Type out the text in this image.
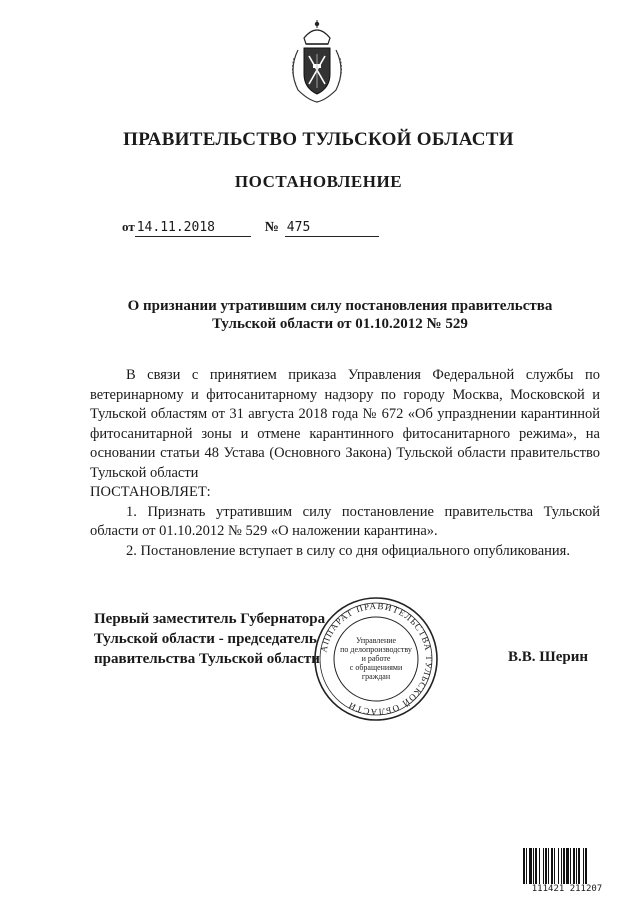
ПРАВИТЕЛЬСТВО ТУЛЬСКОЙ ОБЛАСТИ
ПОСТАНОВЛЕНИЕ
от 14.11.2018	№ 475
О признании утратившим силу постановления правительства
Тульской области от 01.10.2012 № 529

В связи с принятием приказа Управления Федеральной службы по ветеринарному и фитосанитарному надзору по городу Москва, Московской и Тульской областям от 31 августа 2018 года № 672 «Об упразднении карантинной фитосанитарной зоны и отмене карантинного фитосанитарного режима», на основании статьи 48 Устава (Основного Закона) Тульской области правительство Тульской области

ПОСТАНОВЛЯЕТ:

1. Признать утратившим силу постановление правительства Тульской области от 01.10.2012 № 529 «О наложении карантина».

2. Постановление вступает в силу со дня официального опубликования.

Первый заместитель Губернатора
Тульской области - председатель
правительства Тульской области	В.В. Шерин
АППАРАТ ПРАВИТЕЛЬСТВА ТУЛЬСКОЙ ОБЛАСТИ
Управление
по делопроизводству
и работе
с обращениями
граждан
111421 211207
